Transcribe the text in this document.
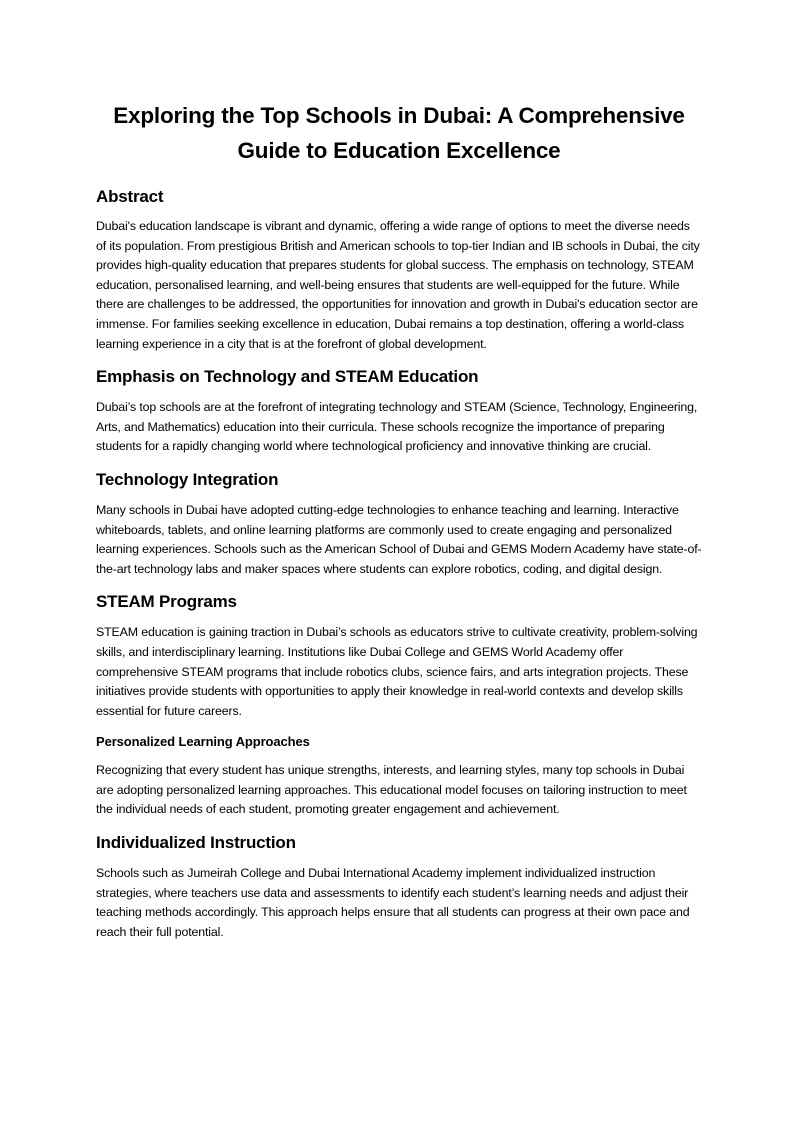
Exploring the Top Schools in Dubai: A Comprehensive Guide to Education Excellence
Abstract

Dubai's education landscape is vibrant and dynamic, offering a wide range of options to meet the diverse needs of its population. From prestigious British and American schools to top-tier Indian and IB schools in Dubai, the city provides high-quality education that prepares students for global success. The emphasis on technology, STEAM education, personalised learning, and well-being ensures that students are well-equipped for the future. While there are challenges to be addressed, the opportunities for innovation and growth in Dubai's education sector are immense. For families seeking excellence in education, Dubai remains a top destination, offering a world-class learning experience in a city that is at the forefront of global development.

Emphasis on Technology and STEAM Education

Dubai’s top schools are at the forefront of integrating technology and STEAM (Science, Technology, Engineering, Arts, and Mathematics) education into their curricula. These schools recognize the importance of preparing students for a rapidly changing world where technological proficiency and innovative thinking are crucial.

Technology Integration

Many schools in Dubai have adopted cutting-edge technologies to enhance teaching and learning. Interactive whiteboards, tablets, and online learning platforms are commonly used to create engaging and personalized learning experiences. Schools such as the American School of Dubai and GEMS Modern Academy have state-of-the-art technology labs and maker spaces where students can explore robotics, coding, and digital design.

STEAM Programs

STEAM education is gaining traction in Dubai’s schools as educators strive to cultivate creativity, problem-solving skills, and interdisciplinary learning. Institutions like Dubai College and GEMS World Academy offer comprehensive STEAM programs that include robotics clubs, science fairs, and arts integration projects. These initiatives provide students with opportunities to apply their knowledge in real-world contexts and develop skills essential for future careers.

Personalized Learning Approaches

Recognizing that every student has unique strengths, interests, and learning styles, many top schools in Dubai are adopting personalized learning approaches. This educational model focuses on tailoring instruction to meet the individual needs of each student, promoting greater engagement and achievement.

Individualized Instruction

Schools such as Jumeirah College and Dubai International Academy implement individualized instruction strategies, where teachers use data and assessments to identify each student’s learning needs and adjust their teaching methods accordingly. This approach helps ensure that all students can progress at their own pace and reach their full potential.
